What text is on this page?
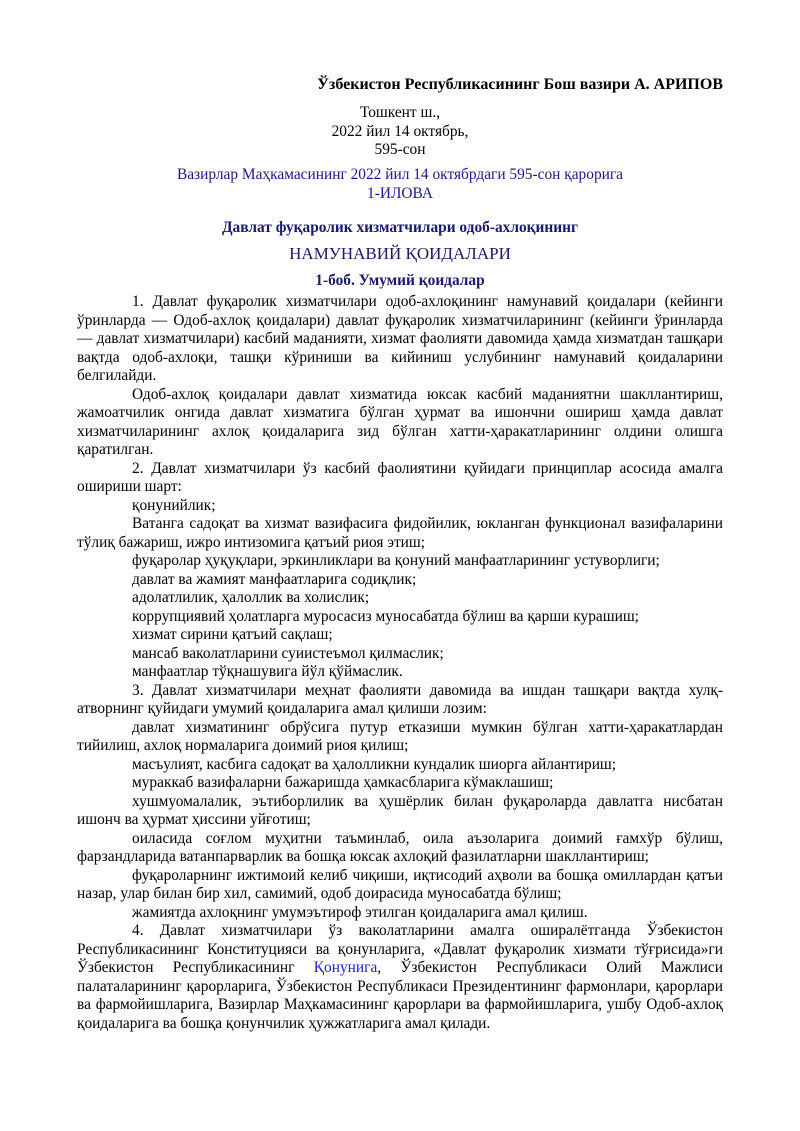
Ўзбекистон Республикасининг Бош вазири А. АРИПОВ
Тошкент ш.,
2022 йил 14 октябрь,
595-сон
Вазирлар Маҳкамасининг 2022 йил 14 октябрдаги 595-сон қарорига
1-ИЛОВА
Давлат фуқаролик хизматчилари одоб-ахлоқининг
НАМУНАВИЙ ҚОИДАЛАРИ
1-боб. Умумий қоидалар

1. Давлат фуқаролик хизматчилари одоб-ахлоқининг намунавий қоидалари (кейинги ўринларда — Одоб-ахлоқ қоидалари) давлат фуқаролик хизматчиларининг (кейинги ўринларда — давлат хизматчилари) касбий маданияти, хизмат фаолияти давомида ҳамда хизматдан ташқари вақтда одоб-ахлоқи, ташқи кўриниши ва кийиниш услубининг намунавий қоидаларини белгилайди.

Одоб-ахлоқ қоидалари давлат хизматида юксак касбий маданиятни шакллантириш, жамоатчилик онгида давлат хизматига бўлган ҳурмат ва ишончни ошириш ҳамда давлат хизматчиларининг ахлоқ қоидаларига зид бўлган хатти-ҳаракатларининг олдини олишга қаратилган.

2. Давлат хизматчилари ўз касбий фаолиятини қуйидаги принциплар асосида амалга ошириши шарт:

қонунийлик;

Ватанга садоқат ва хизмат вазифасига фидойилик, юкланган функционал вазифаларини тўлиқ бажариш, ижро интизомига қатъий риоя этиш;

фуқаролар ҳуқуқлари, эркинликлари ва қонуний манфаатларининг устуворлиги;

давлат ва жамият манфаатларига содиқлик;

адолатлилик, ҳалоллик ва холислик;

коррупциявий ҳолатларга муросасиз муносабатда бўлиш ва қарши курашиш;

хизмат сирини қатъий сақлаш;

мансаб ваколатларини суиистеъмол қилмаслик;

манфаатлар тўқнашувига йўл қўймаслик.

3. Давлат хизматчилари меҳнат фаолияти давомида ва ишдан ташқари вақтда хулқ-атворнинг қуйидаги умумий қоидаларига амал қилиши лозим:

давлат хизматининг обрўсига путур етказиши мумкин бўлган хатти-ҳаракатлардан тийилиш, ахлоқ нормаларига доимий риоя қилиш;

масъулият, касбига садоқат ва ҳалолликни кундалик шиорга айлантириш;

мураккаб вазифаларни бажаришда ҳамкасбларига кўмаклашиш;

хушмуомалалик, эътиборлилик ва ҳушёрлик билан фуқароларда давлатга нисбатан ишонч ва ҳурмат ҳиссини уйғотиш;

оиласида соғлом муҳитни таъминлаб, оила аъзоларига доимий ғамхўр бўлиш, фарзандларида ватанпарварлик ва бошқа юксак ахлоқий фазилатларни шакллантириш;

фуқароларнинг ижтимоий келиб чиқиши, иқтисодий аҳволи ва бошқа омиллардан қатъи назар, улар билан бир хил, самимий, одоб доирасида муносабатда бўлиш;

жамиятда ахлоқнинг умумэътироф этилган қоидаларига амал қилиш.

4. Давлат хизматчилари ўз ваколатларини амалга оширалётганда Ўзбекистон Республикасининг Конституцияси ва қонунларига, «Давлат фуқаролик хизмати тўғрисида»ги Ўзбекистон Республикасининг Қонунига, Ўзбекистон Республикаси Олий Мажлиси палаталарининг қарорларига, Ўзбекистон Республикаси Президентининг фармонлари, қарорлари ва фармойишларига, Вазирлар Маҳкамасининг қарорлари ва фармойишларига, ушбу Одоб-ахлоқ қоидаларига ва бошқа қонунчилик ҳужжатларига амал қилади.
